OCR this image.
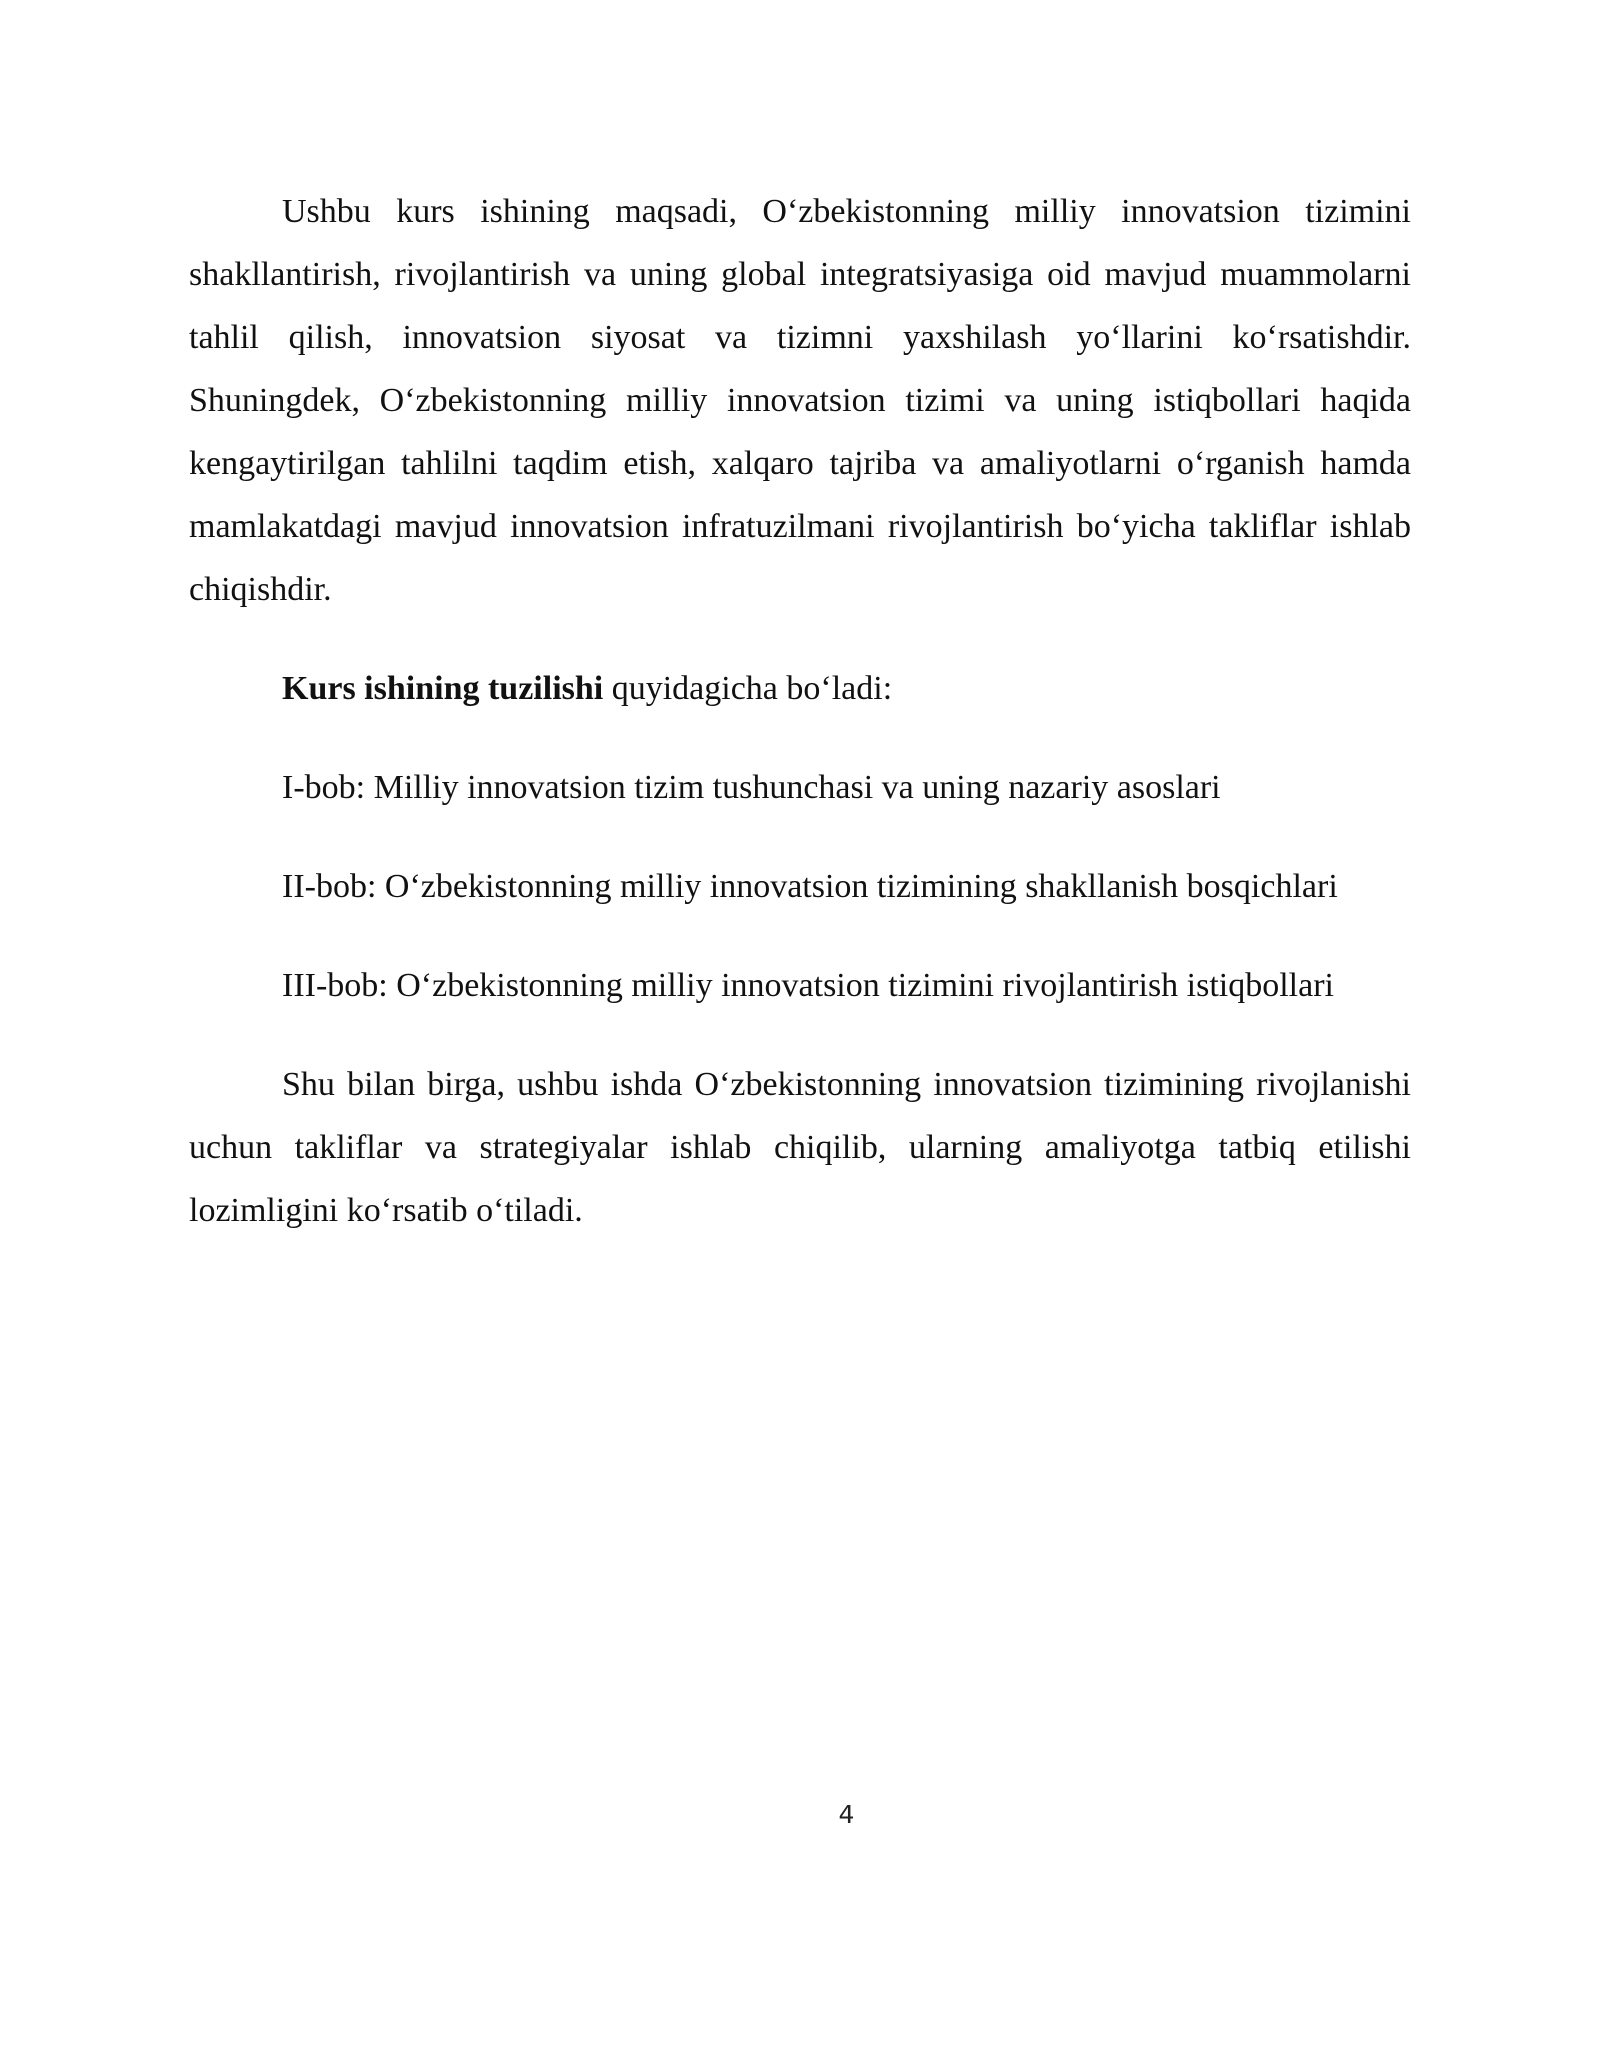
Ushbu kurs ishining maqsadi, O‘zbekistonning milliy innovatsion tizimini shakllantirish, rivojlantirish va uning global integratsiyasiga oid mavjud muammolarni tahlil qilish, innovatsion siyosat va tizimni yaxshilash yo‘llarini ko‘rsatishdir. Shuningdek, O‘zbekistonning milliy innovatsion tizimi va uning istiqbollari haqida kengaytirilgan tahlilni taqdim etish, xalqaro tajriba va amaliyotlarni o‘rganish hamda mamlakatdagi mavjud innovatsion infratuzilmani rivojlantirish bo‘yicha takliflar ishlab chiqishdir.

Kurs ishining tuzilishi quyidagicha bo‘ladi:

I-bob: Milliy innovatsion tizim tushunchasi va uning nazariy asoslari

II-bob: O‘zbekistonning milliy innovatsion tizimining shakllanish bosqichlari

III-bob: O‘zbekistonning milliy innovatsion tizimini rivojlantirish istiqbollari

Shu bilan birga, ushbu ishda O‘zbekistonning innovatsion tizimining rivojlanishi uchun takliflar va strategiyalar ishlab chiqilib, ularning amaliyotga tatbiq etilishi lozimligini ko‘rsatib o‘tiladi.

4
